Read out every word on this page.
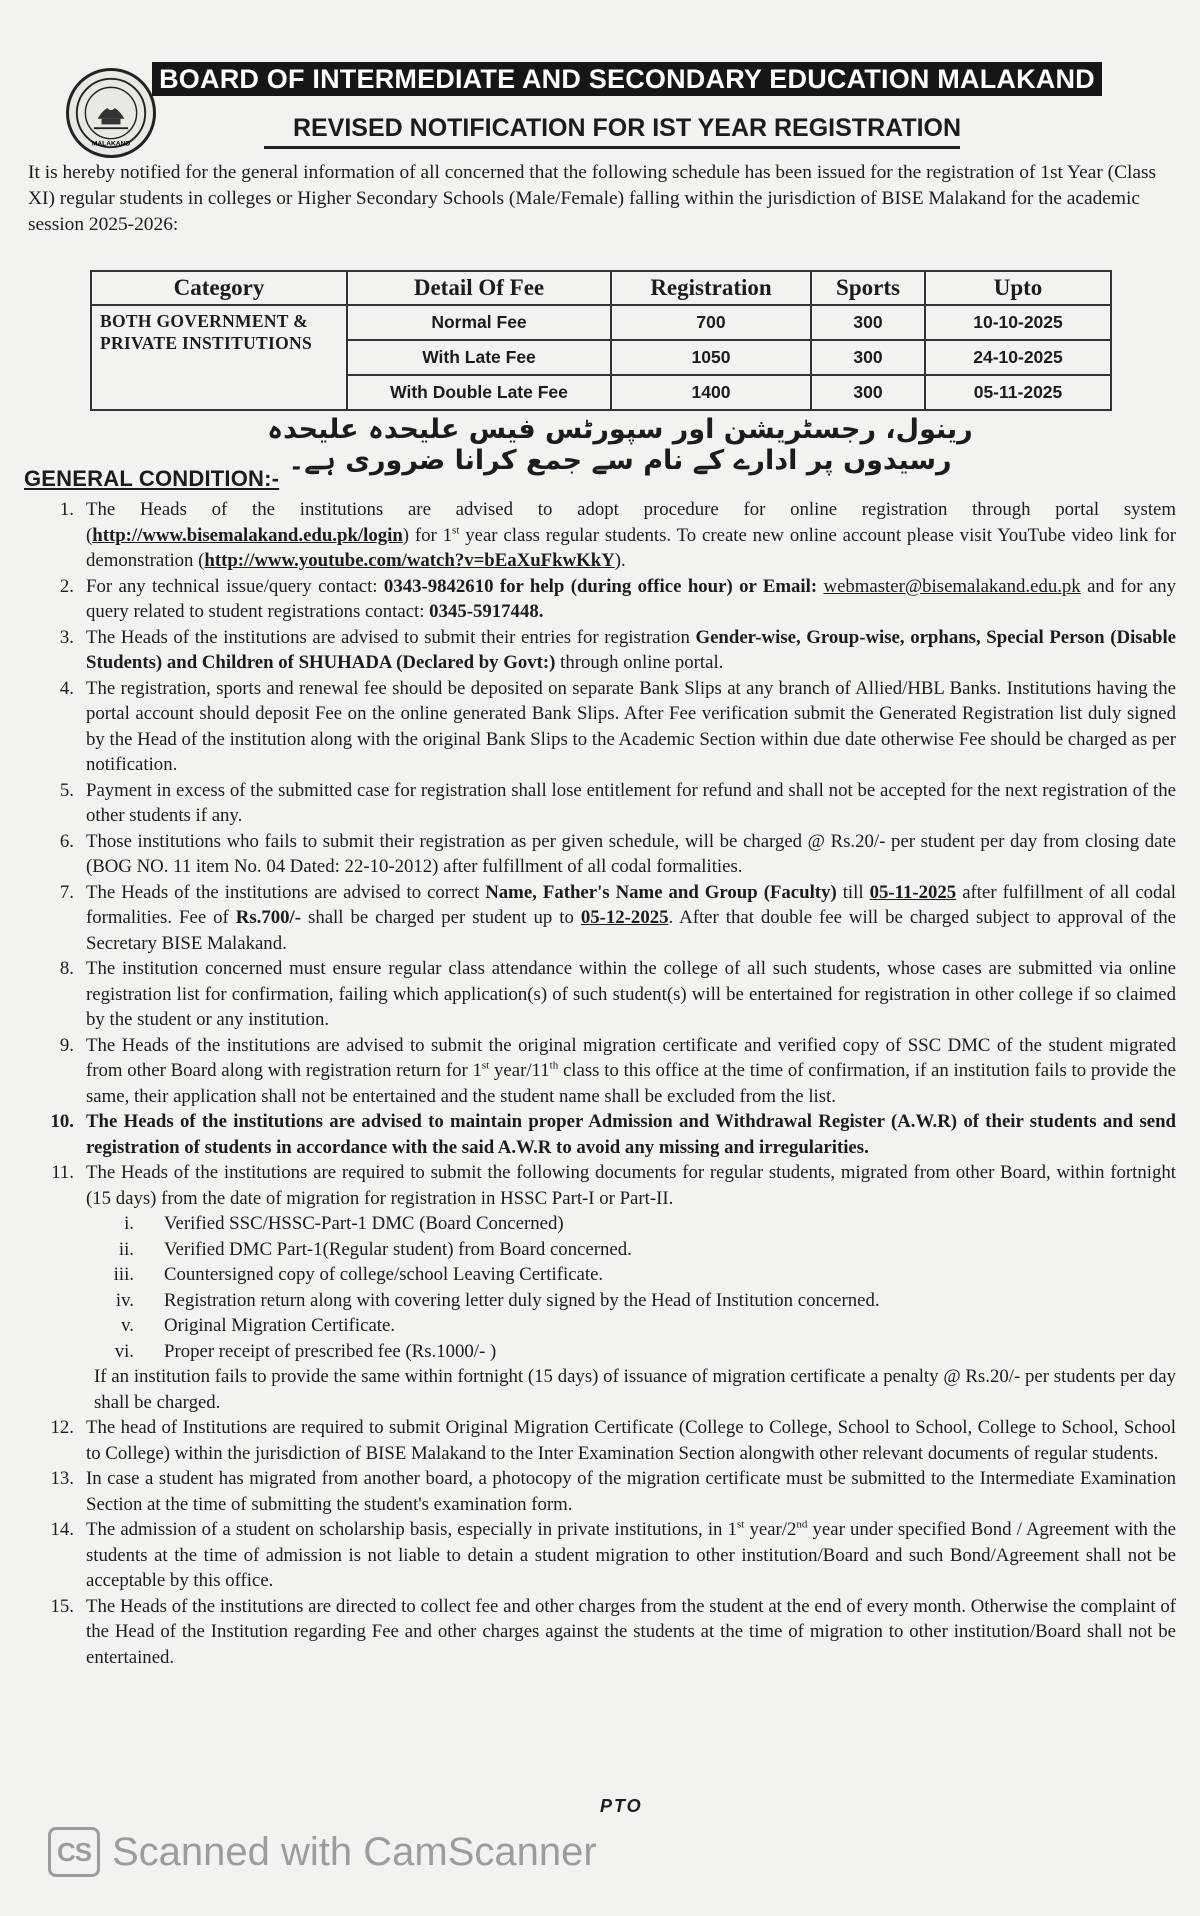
MALAKAND
BOARD OF INTERMEDIATE AND SECONDARY EDUCATION MALAKAND
REVISED NOTIFICATION FOR IST YEAR REGISTRATION
It is hereby notified for the general information of all concerned that the following schedule has been issued for the registration of 1st Year (Class XI) regular students in colleges or Higher Secondary Schools (Male/Female) falling within the jurisdiction of BISE Malakand for the academic session 2025-2026:
Category	Detail Of Fee	Registration	Sports	Upto
BOTH GOVERNMENT & PRIVATE INSTITUTIONS	Normal Fee	700	300	10-10-2025
	With Late Fee	1050	300	24-10-2025
	With Double Late Fee	1400	300	05-11-2025
رینول، رجسٹریشن اور سپورٹس فیس علیحدہ علیحدہ رسیدوں پر ادارے کے نام سے جمع کرانا ضروری ہے۔
GENERAL CONDITION:-
1. The Heads of the institutions are advised to adopt procedure for online registration through portal system (http://www.bisemalakand.edu.pk/login) for 1st year class regular students. To create new online account please visit YouTube video link for demonstration (http://www.youtube.com/watch?v=bEaXuFkwKkY).
2. For any technical issue/query contact: 0343-9842610 for help (during office hour) or Email: webmaster@bisemalakand.edu.pk and for any query related to student registrations contact: 0345-5917448.
3. The Heads of the institutions are advised to submit their entries for registration Gender-wise, Group-wise, orphans, Special Person (Disable Students) and Children of SHUHADA (Declared by Govt:) through online portal.
4. The registration, sports and renewal fee should be deposited on separate Bank Slips at any branch of Allied/HBL Banks. Institutions having the portal account should deposit Fee on the online generated Bank Slips. After Fee verification submit the Generated Registration list duly signed by the Head of the institution along with the original Bank Slips to the Academic Section within due date otherwise Fee should be charged as per notification.
5. Payment in excess of the submitted case for registration shall lose entitlement for refund and shall not be accepted for the next registration of the other students if any.
6. Those institutions who fails to submit their registration as per given schedule, will be charged @ Rs.20/- per student per day from closing date (BOG NO. 11 item No. 04 Dated: 22-10-2012) after fulfillment of all codal formalities.
7. The Heads of the institutions are advised to correct Name, Father's Name and Group (Faculty) till 05-11-2025 after fulfillment of all codal formalities. Fee of Rs.700/- shall be charged per student up to 05-12-2025. After that double fee will be charged subject to approval of the Secretary BISE Malakand.
8. The institution concerned must ensure regular class attendance within the college of all such students, whose cases are submitted via online registration list for confirmation, failing which application(s) of such student(s) will be entertained for registration in other college if so claimed by the student or any institution.
9. The Heads of the institutions are advised to submit the original migration certificate and verified copy of SSC DMC of the student migrated from other Board along with registration return for 1st year/11th class to this office at the time of confirmation, if an institution fails to provide the same, their application shall not be entertained and the student name shall be excluded from the list.
10. The Heads of the institutions are advised to maintain proper Admission and Withdrawal Register (A.W.R) of their students and send registration of students in accordance with the said A.W.R to avoid any missing and irregularities.
11. The Heads of the institutions are required to submit the following documents for regular students, migrated from other Board, within fortnight (15 days) from the date of migration for registration in HSSC Part-I or Part-II.
i.	Verified SSC/HSSC-Part-1 DMC (Board Concerned)
ii.	Verified DMC Part-1(Regular student) from Board concerned.
iii.	Countersigned copy of college/school Leaving Certificate.
iv.	Registration return along with covering letter duly signed by the Head of Institution concerned.
v.	Original Migration Certificate.
vi.	Proper receipt of prescribed fee (Rs.1000/- )
If an institution fails to provide the same within fortnight (15 days) of issuance of migration certificate a penalty @ Rs.20/- per students per day shall be charged.
12. The head of Institutions are required to submit Original Migration Certificate (College to College, School to School, College to School, School to College) within the jurisdiction of BISE Malakand to the Inter Examination Section alongwith other relevant documents of regular students.
13. In case a student has migrated from another board, a photocopy of the migration certificate must be submitted to the Intermediate Examination Section at the time of submitting the student's examination form.
14. The admission of a student on scholarship basis, especially in private institutions, in 1st year/2nd year under specified Bond / Agreement with the students at the time of admission is not liable to detain a student migration to other institution/Board and such Bond/Agreement shall not be acceptable by this office.
15. The Heads of the institutions are directed to collect fee and other charges from the student at the end of every month. Otherwise the complaint of the Head of the Institution regarding Fee and other charges against the students at the time of migration to other institution/Board shall not be entertained.
PTO
CS Scanned with CamScanner
